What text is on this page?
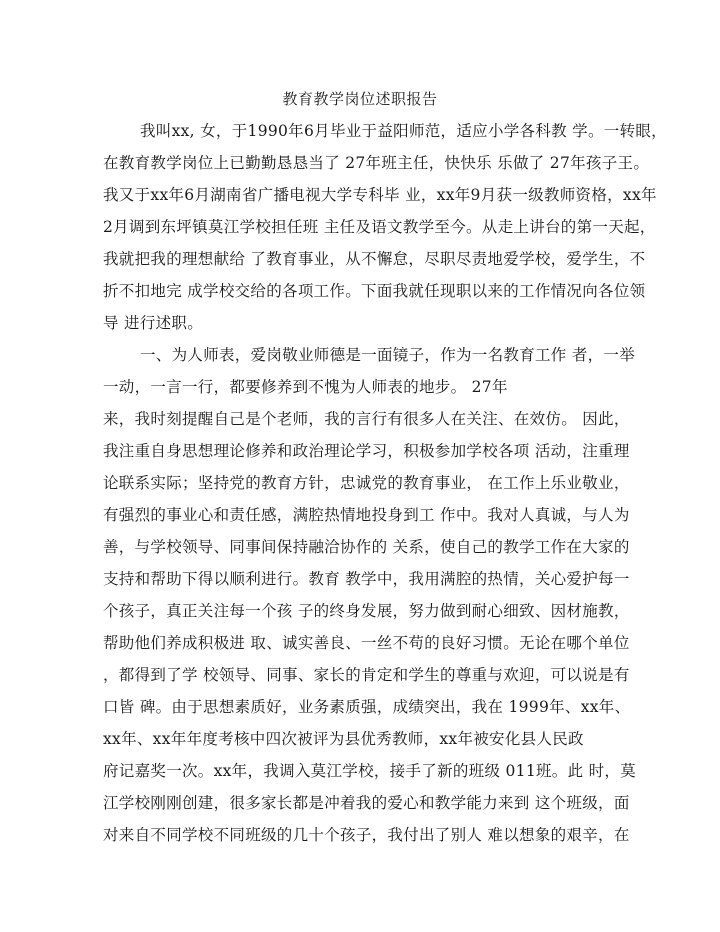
教育教学岗位述职报告
我叫xx, 女，于1990年6月毕业于益阳师范，适应小学各科教 学。一转眼，
在教育教学岗位上已勤勤恳恳当了 27年班主任，快快乐 乐做了 27年孩子王。
我又于xx年6月湖南省广播电视大学专科毕 业，xx年9月获一级教师资格，xx年
2月调到东坪镇莫江学校担任班 主任及语文教学至今。从走上讲台的第一天起，
我就把我的理想献给 了教育事业，从不懈怠，尽职尽责地爱学校，爱学生，不
折不扣地完 成学校交给的各项工作。下面我就任现职以来的工作情况向各位领
导 进行述职。
一、为人师表，爱岗敬业师德是一面镜子，作为一名教育工作 者，一举
一动，一言一行，都要修养到不愧为人师表的地步。 27年
来，我时刻提醒自己是个老师，我的言行有很多人在关注、在效仿。 因此，
我注重自身思想理论修养和政治理论学习，积极参加学校各项 活动，注重理
论联系实际；坚持党的教育方针，忠诚党的教育事业， 在工作上乐业敬业，
有强烈的事业心和责任感，满腔热情地投身到工 作中。我对人真诚，与人为
善，与学校领导、同事间保持融洽协作的 关系，使自己的教学工作在大家的
支持和帮助下得以顺利进行。教育 教学中，我用满腔的热情，关心爱护每一
个孩子，真正关注每一个孩 子的终身发展，努力做到耐心细致、因材施教，
帮助他们养成积极进 取、诚实善良、一丝不苟的良好习惯。无论在哪个单位
，都得到了学 校领导、同事、家长的肯定和学生的尊重与欢迎，可以说是有
口皆 碑。由于思想素质好，业务素质强，成绩突出，我在 1999年、xx年、
xx年、xx年年度考核中四次被评为县优秀教师，xx年被安化县人民政
府记嘉奖一次。xx年，我调入莫江学校，接手了新的班级 011班。此 时，莫
江学校刚刚创建，很多家长都是冲着我的爱心和教学能力来到 这个班级，面
对来自不同学校不同班级的几十个孩子，我付出了别人 难以想象的艰辛，在
